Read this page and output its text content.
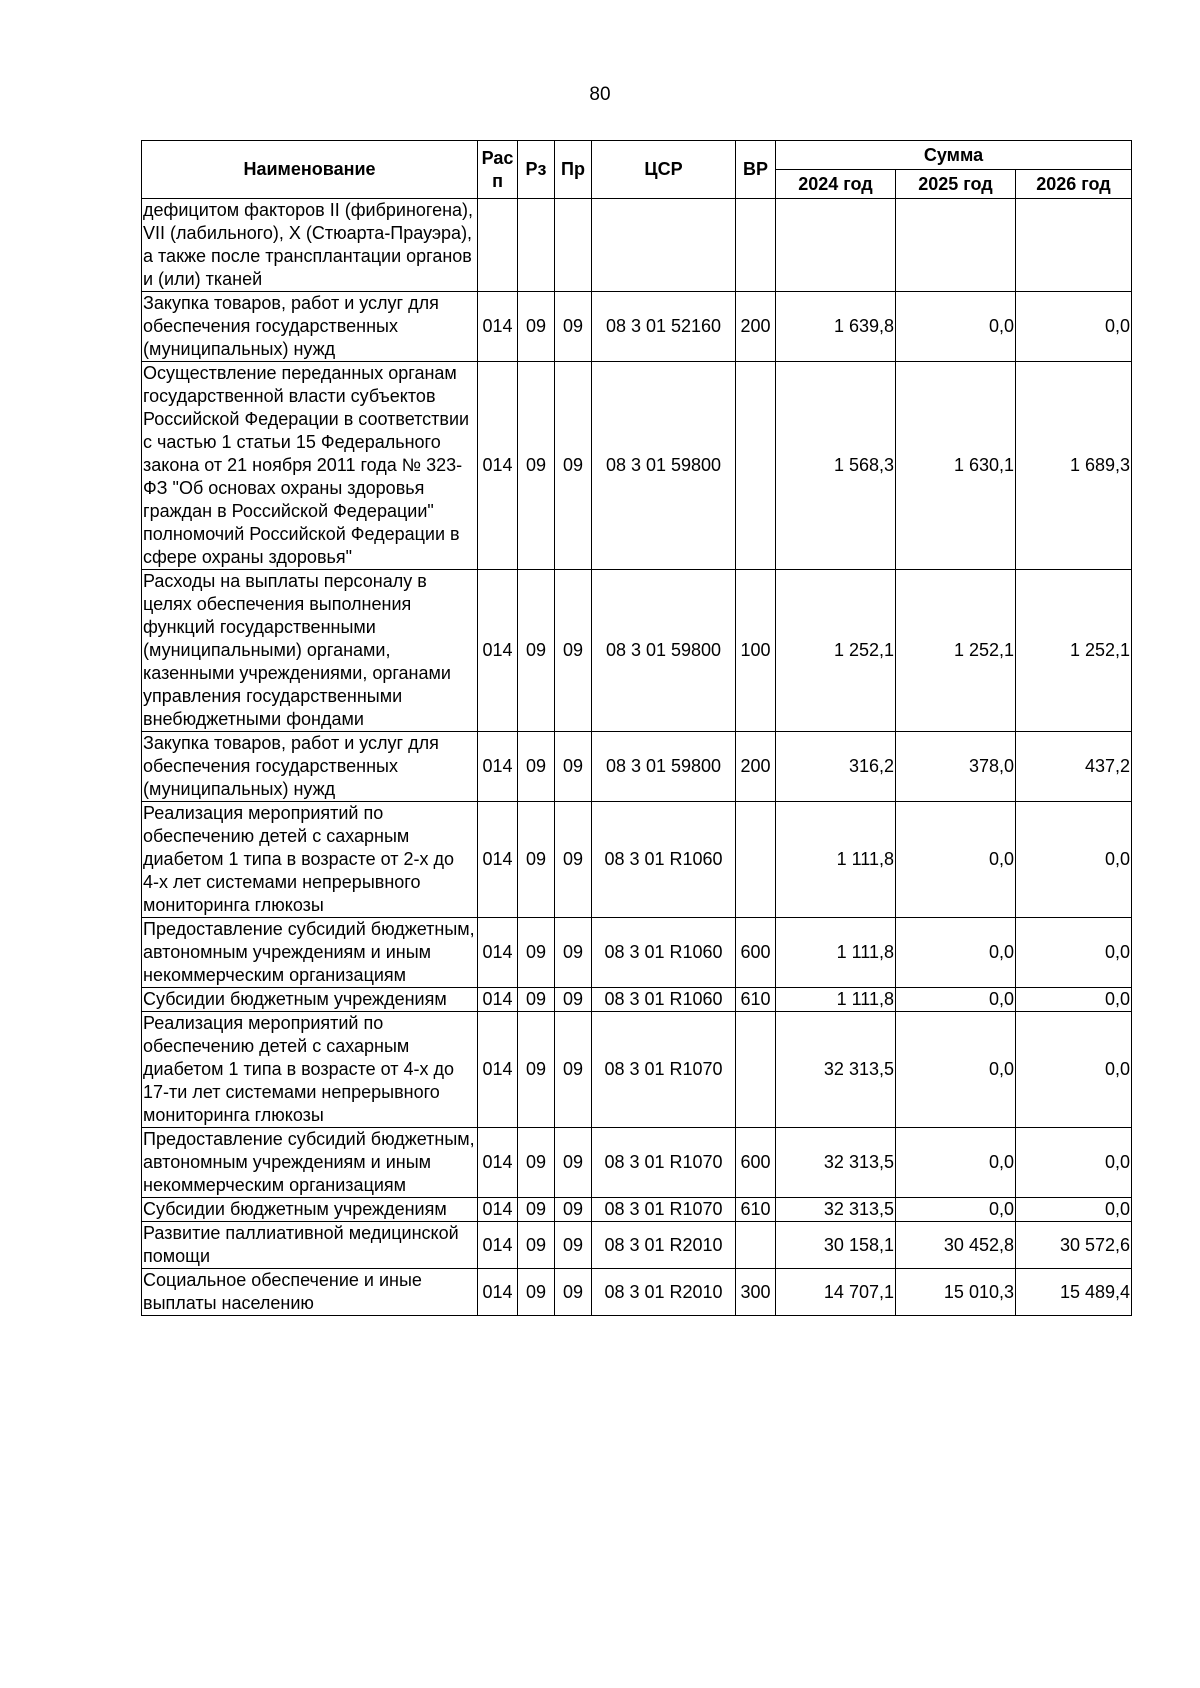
80
Наименование	Рас п	Рз	Пр	ЦСР	ВР	Сумма		
						2024 год	2025 год	2026 год
дефицитом факторов II (фибриногена), VII (лабильного), X (Стюарта-Прауэра), а также после трансплантации органов и (или) тканей								
Закупка товаров, работ и услуг для обеспечения государственных (муниципальных) нужд	014	09	09	08 3 01 52160	200	1 639,8	0,0	0,0
Осуществление переданных органам государственной власти субъектов Российской Федерации в соответствии с частью 1 статьи 15 Федерального закона от 21 ноября 2011 года № 323-ФЗ "Об основах охраны здоровья граждан в Российской Федерации" полномочий Российской Федерации в сфере охраны здоровья"	014	09	09	08 3 01 59800		1 568,3	1 630,1	1 689,3
Расходы на выплаты персоналу в целях обеспечения выполнения функций государственными (муниципальными) органами, казенными учреждениями, органами управления государственными внебюджетными фондами	014	09	09	08 3 01 59800	100	1 252,1	1 252,1	1 252,1
Закупка товаров, работ и услуг для обеспечения государственных (муниципальных) нужд	014	09	09	08 3 01 59800	200	316,2	378,0	437,2
Реализация мероприятий по обеспечению детей с сахарным диабетом 1 типа в возрасте от 2-х до 4-х лет системами непрерывного мониторинга глюкозы	014	09	09	08 3 01 R1060		1 111,8	0,0	0,0
Предоставление субсидий бюджетным, автономным учреждениям и иным некоммерческим организациям	014	09	09	08 3 01 R1060	600	1 111,8	0,0	0,0
Субсидии бюджетным учреждениям	014	09	09	08 3 01 R1060	610	1 111,8	0,0	0,0
Реализация мероприятий по обеспечению детей с сахарным диабетом 1 типа в возрасте от 4-х до 17-ти лет системами непрерывного мониторинга глюкозы	014	09	09	08 3 01 R1070		32 313,5	0,0	0,0
Предоставление субсидий бюджетным, автономным учреждениям и иным некоммерческим организациям	014	09	09	08 3 01 R1070	600	32 313,5	0,0	0,0
Субсидии бюджетным учреждениям	014	09	09	08 3 01 R1070	610	32 313,5	0,0	0,0
Развитие паллиативной медицинской помощи	014	09	09	08 3 01 R2010		30 158,1	30 452,8	30 572,6
Социальное обеспечение и иные выплаты населению	014	09	09	08 3 01 R2010	300	14 707,1	15 010,3	15 489,4
